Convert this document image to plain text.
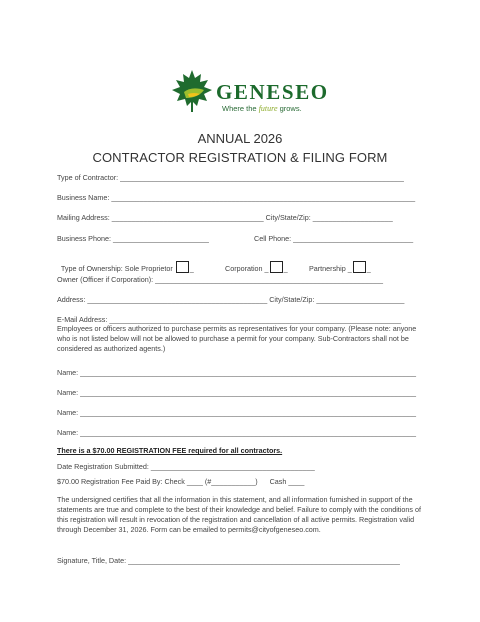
GENESEO
Where the future grows.
ANNUAL 2026
CONTRACTOR REGISTRATION & FILING FORM
Type of Contractor: _______________________________________________________________________
Business Name: ____________________________________________________________________________
Mailing Address: ______________________________________ City/State/Zip: ____________________
Business Phone: ________________________	Cell Phone: ______________________________

Type of Ownership: Sole Proprietor _	Corporation _ _	Partnership _ _

Owner (Officer if Corporation): _________________________________________________________
Address: _____________________________________________ City/State/Zip: ______________________
E-Mail Address: _________________________________________________________________________
Employees or officers authorized to purchase permits as representatives for your company. (Please note: anyone who is not listed below will not be allowed to purchase a permit for your company. Sub-Contractors shall not be considered as authorized agents.)
Name: ____________________________________________________________________________________
Name: ____________________________________________________________________________________
Name: ____________________________________________________________________________________
Name: ____________________________________________________________________________________
There is a $70.00 REGISTRATION FEE required for all contractors.
Date Registration Submitted: _________________________________________
$70.00 Registration Fee Paid By: Check ____ (#___________)      Cash ____
The undersigned certifies that all the information in this statement, and all information furnished in support of the statements are true and complete to the best of their knowledge and belief. Failure to comply with the conditions of this registration will result in revocation of the registration and cancellation of all active permits. Registration valid through December 31, 2026. Form can be emailed to permits@cityofgeneseo.com.
Signature, Title, Date: ____________________________________________________________________
